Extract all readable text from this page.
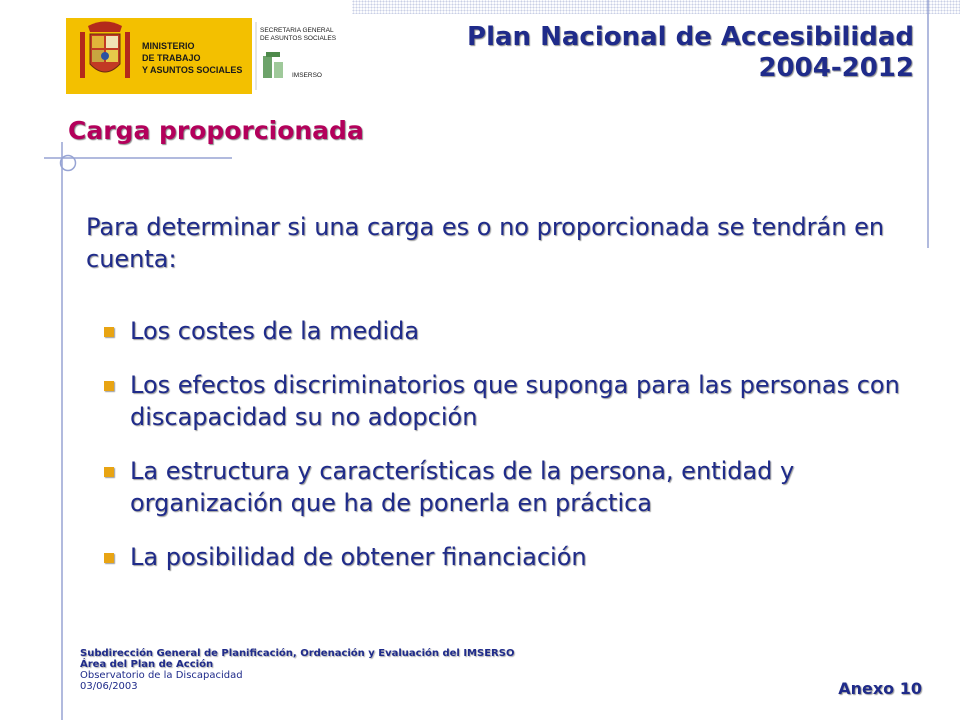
MINISTERIO
DE TRABAJO
Y ASUNTOS SOCIALES
SECRETARIA GENERAL
DE ASUNTOS SOCIALES
IMSERSO
Plan Nacional de Accesibilidad
2004-2012
Carga proporcionada

Para determinar si una carga es o no proporcionada se tendrán en cuenta:

Los costes de la medida
Los efectos discriminatorios que suponga para las personas con discapacidad su no adopción
La estructura y características de la persona, entidad y organización que ha de ponerla en práctica
La posibilidad de obtener financiación
Subdirección General de Planificación, Ordenación y Evaluación del IMSERSO
Área del Plan de Acción
Observatorio de la Discapacidad
03/06/2003	Anexo 10
